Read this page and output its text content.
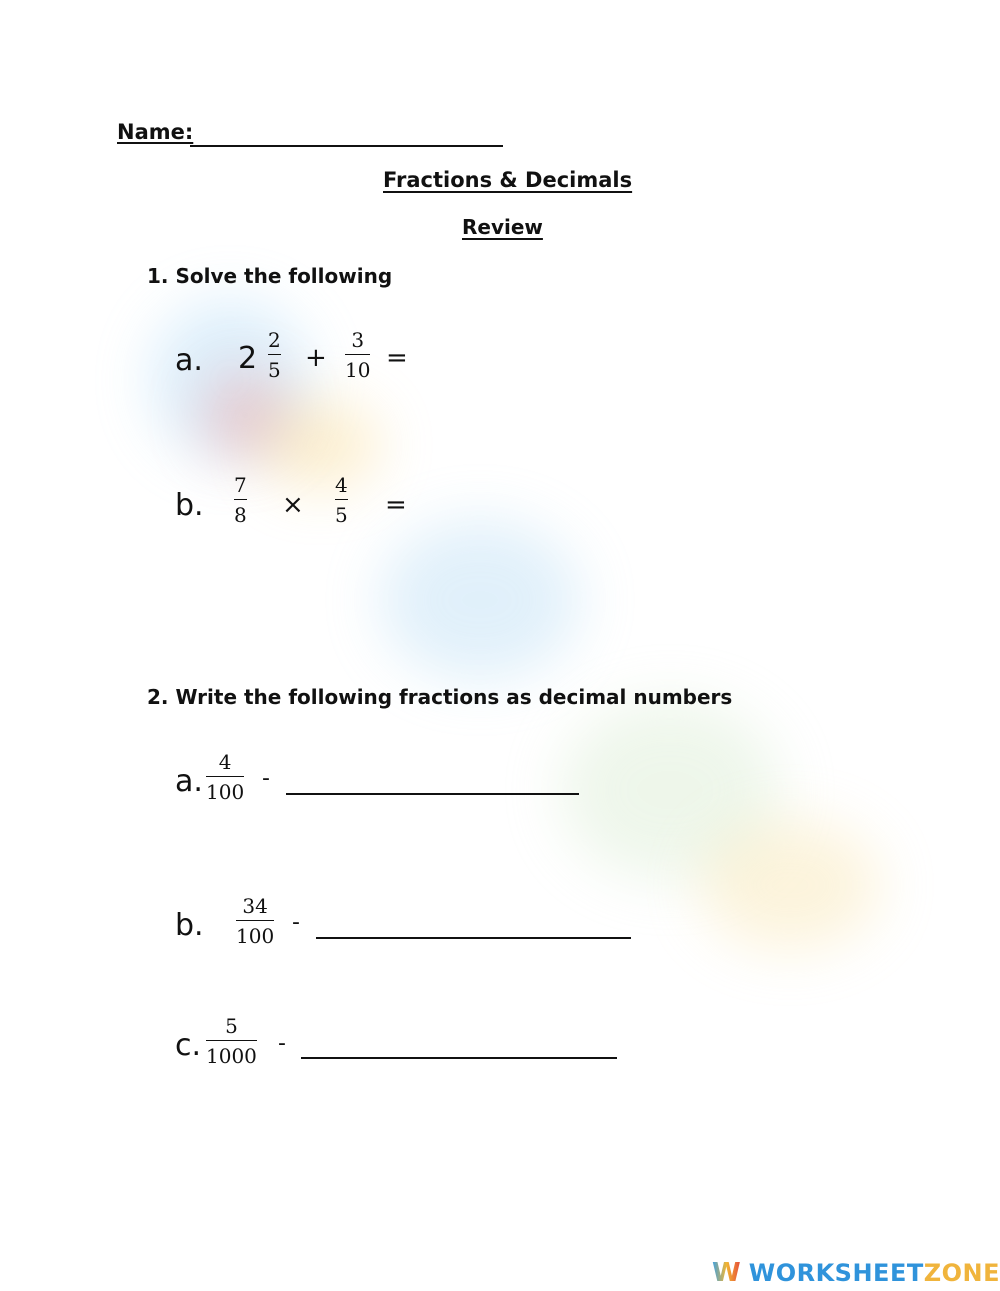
Name:
Fractions & Decimals
Review
1. Solve the following
a. 2
2
5 +
3
10 =
b.
7
8 ×
4
5 =
2. Write the following fractions as decimal numbers
a.
4
100
-
b.
34
100
-
c.
5
1000 -
W WORKSHEETZONE
